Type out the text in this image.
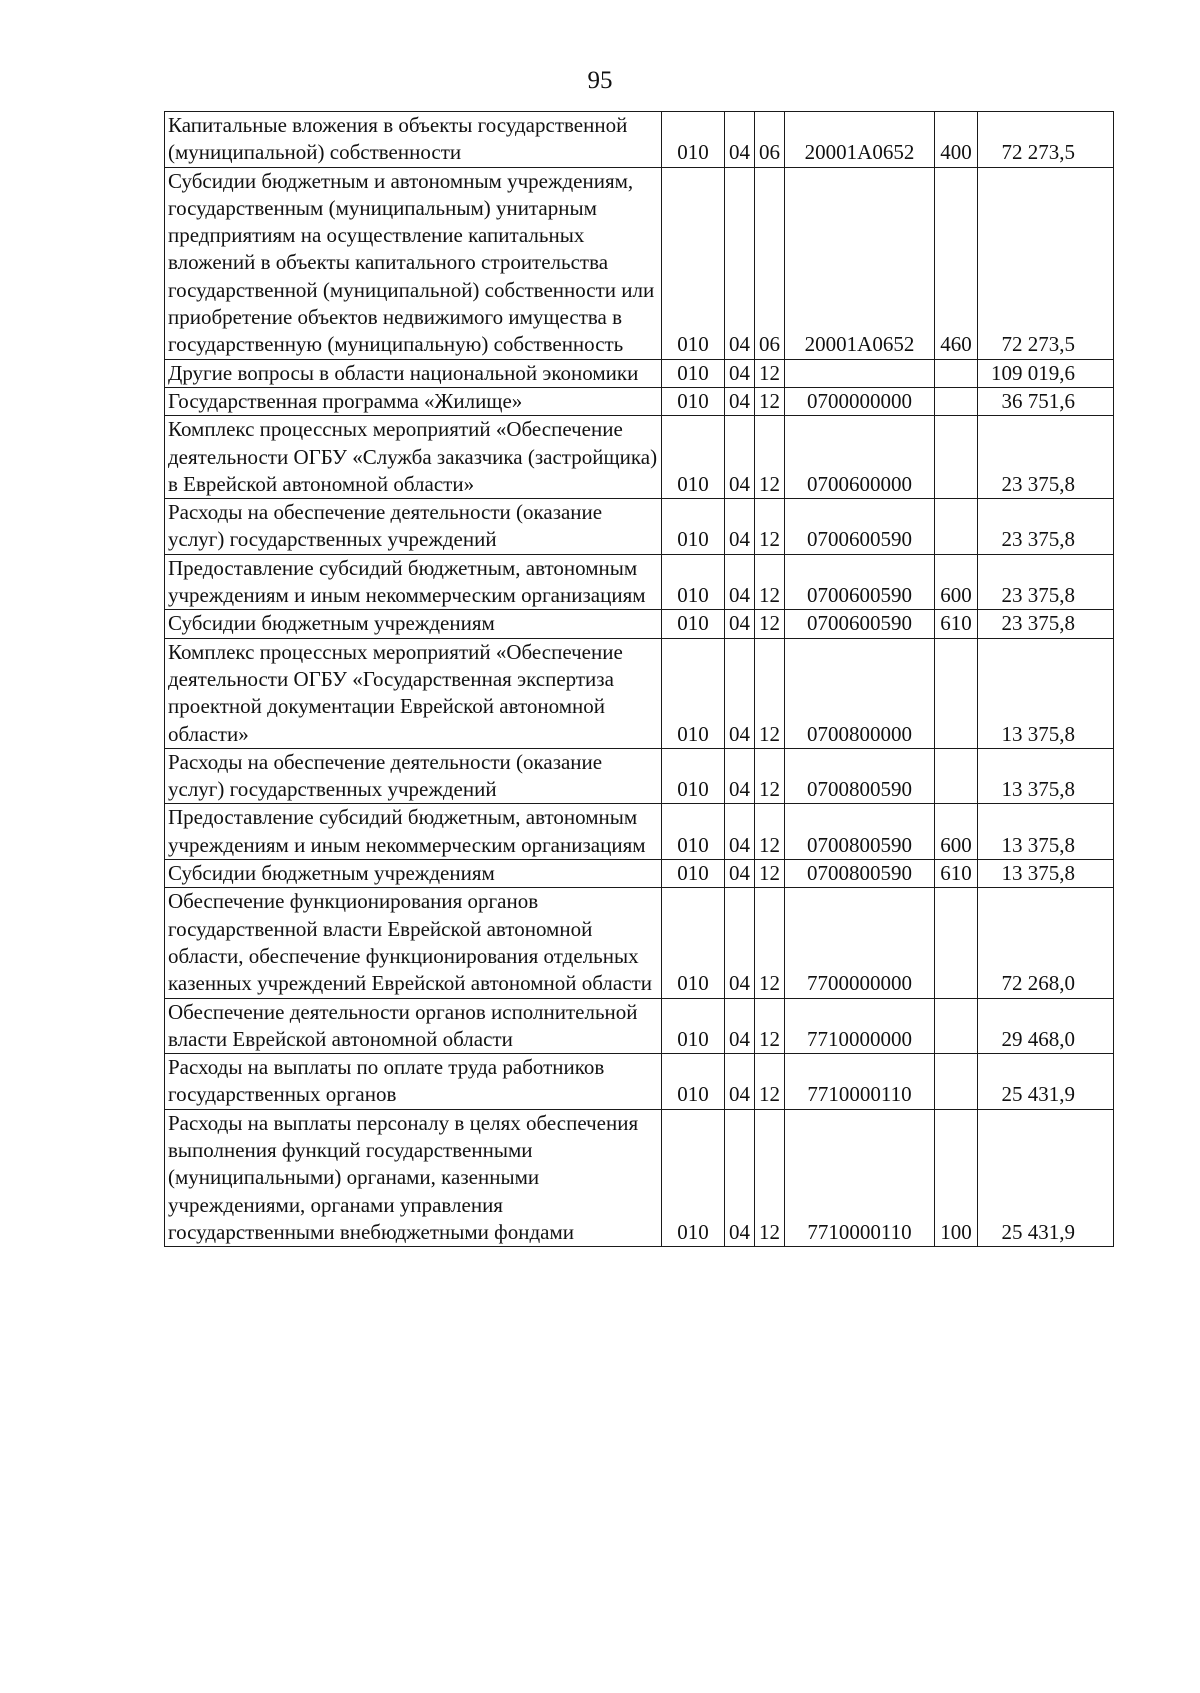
95
Капитальные вложения в объекты государственной (муниципальной) собственности	010	04	06	20001A0652	400	72 273,5
Субсидии бюджетным и автономным учреждениям, государственным (муниципальным) унитарным предприятиям на осуществление капитальных вложений в объекты капитального строительства государственной (муниципальной) собственности или приобретение объектов недвижимого имущества в государственную (муниципальную) собственность	010	04	06	20001A0652	460	72 273,5
Другие вопросы в области национальной экономики	010	04	12			109 019,6
Государственная программа «Жилище»	010	04	12	0700000000		36 751,6
Комплекс процессных мероприятий «Обеспечение деятельности ОГБУ «Служба заказчика (застройщика) в Еврейской автономной области»	010	04	12	0700600000		23 375,8
Расходы на обеспечение деятельности (оказание услуг) государственных учреждений	010	04	12	0700600590		23 375,8
Предоставление субсидий бюджетным, автономным учреждениям и иным некоммерческим организациям	010	04	12	0700600590	600	23 375,8
Субсидии бюджетным учреждениям	010	04	12	0700600590	610	23 375,8
Комплекс процессных мероприятий «Обеспечение деятельности ОГБУ «Государственная экспертиза проектной документации Еврейской автономной области»	010	04	12	0700800000		13 375,8
Расходы на обеспечение деятельности (оказание услуг) государственных учреждений	010	04	12	0700800590		13 375,8
Предоставление субсидий бюджетным, автономным учреждениям и иным некоммерческим организациям	010	04	12	0700800590	600	13 375,8
Субсидии бюджетным учреждениям	010	04	12	0700800590	610	13 375,8
Обеспечение функционирования органов государственной власти Еврейской автономной области, обеспечение функционирования отдельных казенных учреждений Еврейской автономной области	010	04	12	7700000000		72 268,0
Обеспечение деятельности органов исполнительной власти Еврейской автономной области	010	04	12	7710000000		29 468,0
Расходы на выплаты по оплате труда работников государственных органов	010	04	12	7710000110		25 431,9
Расходы на выплаты персоналу в целях обеспечения выполнения функций государственными (муниципальными) органами, казенными учреждениями, органами управления государственными внебюджетными фондами	010	04	12	7710000110	100	25 431,9
